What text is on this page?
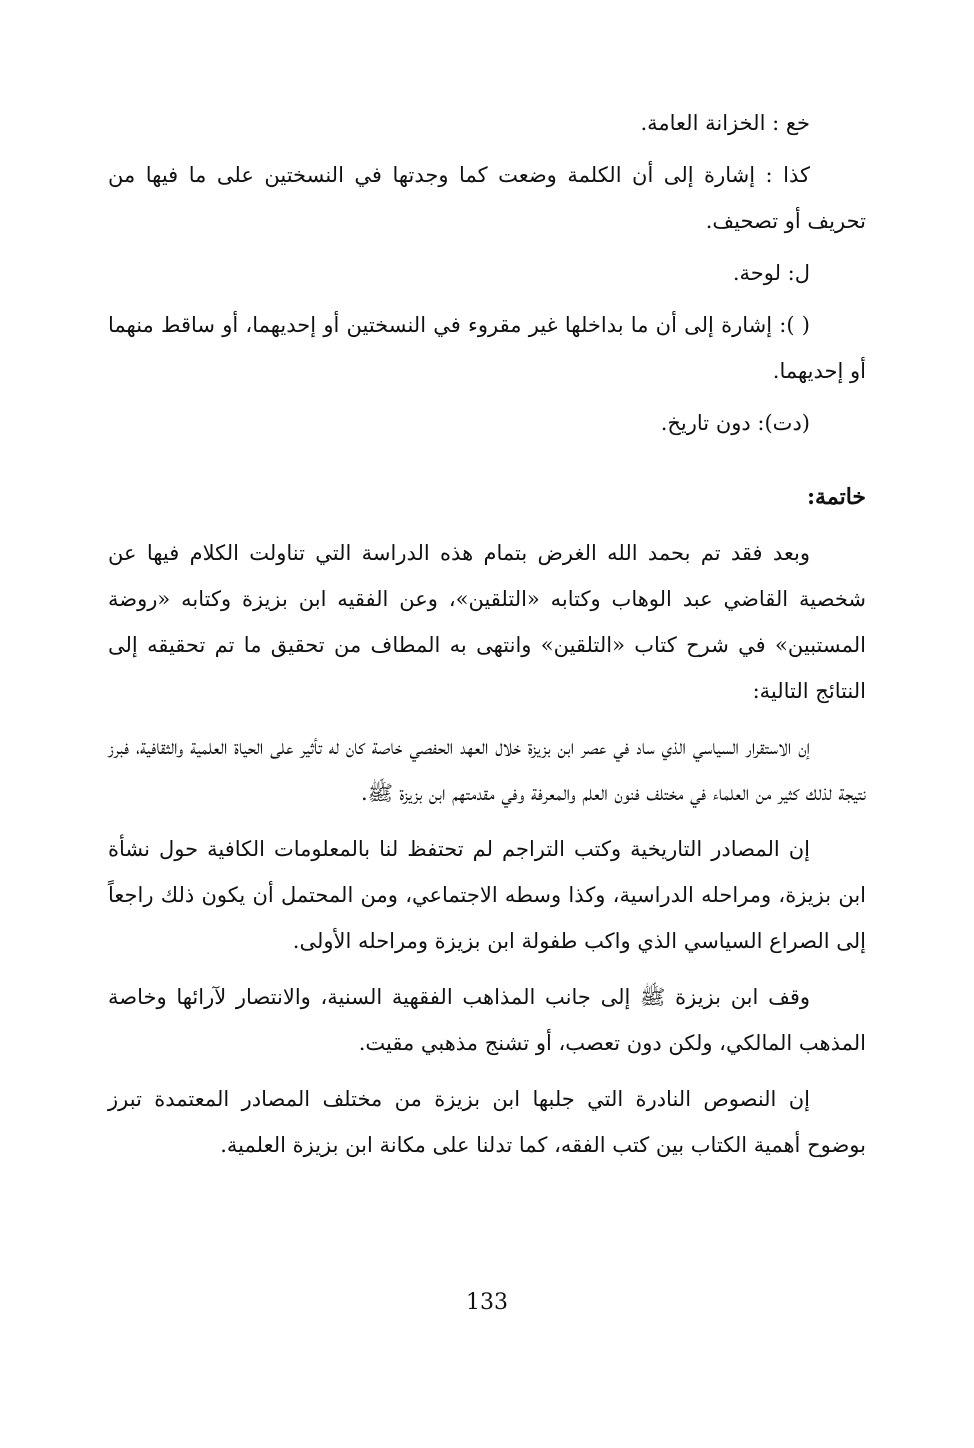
خع : الخزانة العامة.

كذا : إشارة إلى أن الكلمة وضعت كما وجدتها في النسختين على ما فيها من تحريف أو تصحيف.

ل: لوحة.

( ): إشارة إلى أن ما بداخلها غير مقروء في النسختين أو إحديهما، أو ساقط منهما أو إحديهما.

(دت): دون تاريخ.

خاتمة:

وبعد فقد تم بحمد الله الغرض بتمام هذه الدراسة التي تناولت الكلام فيها عن شخصية القاضي عبد الوهاب وكتابه «التلقين»، وعن الفقيه ابن بزيزة وكتابه «روضة المستبين» في شرح كتاب «التلقين» وانتهى به المطاف من تحقيق ما تم تحقيقه إلى النتائج التالية:

إن الاستقرار السياسي الذي ساد في عصر ابن بزيزة خلال العهد الحفصي خاصة كان له تأثير على الحياة العلمية والثقافية، فبرز نتيجة لذلك كثير من العلماء في مختلف فنون العلم والمعرفة وفي مقدمتهم ابن بزيزة ﷺ.

إن المصادر التاريخية وكتب التراجم لم تحتفظ لنا بالمعلومات الكافية حول نشأة ابن بزيزة، ومراحله الدراسية، وكذا وسطه الاجتماعي، ومن المحتمل أن يكون ذلك راجعاً إلى الصراع السياسي الذي واكب طفولة ابن بزيزة ومراحله الأولى.

وقف ابن بزيزة ﷺ إلى جانب المذاهب الفقهية السنية، والانتصار لآرائها وخاصة المذهب المالكي، ولكن دون تعصب، أو تشنج مذهبي مقيت.

إن النصوص النادرة التي جلبها ابن بزيزة من مختلف المصادر المعتمدة تبرز بوضوح أهمية الكتاب بين كتب الفقه، كما تدلنا على مكانة ابن بزيزة العلمية.

133
